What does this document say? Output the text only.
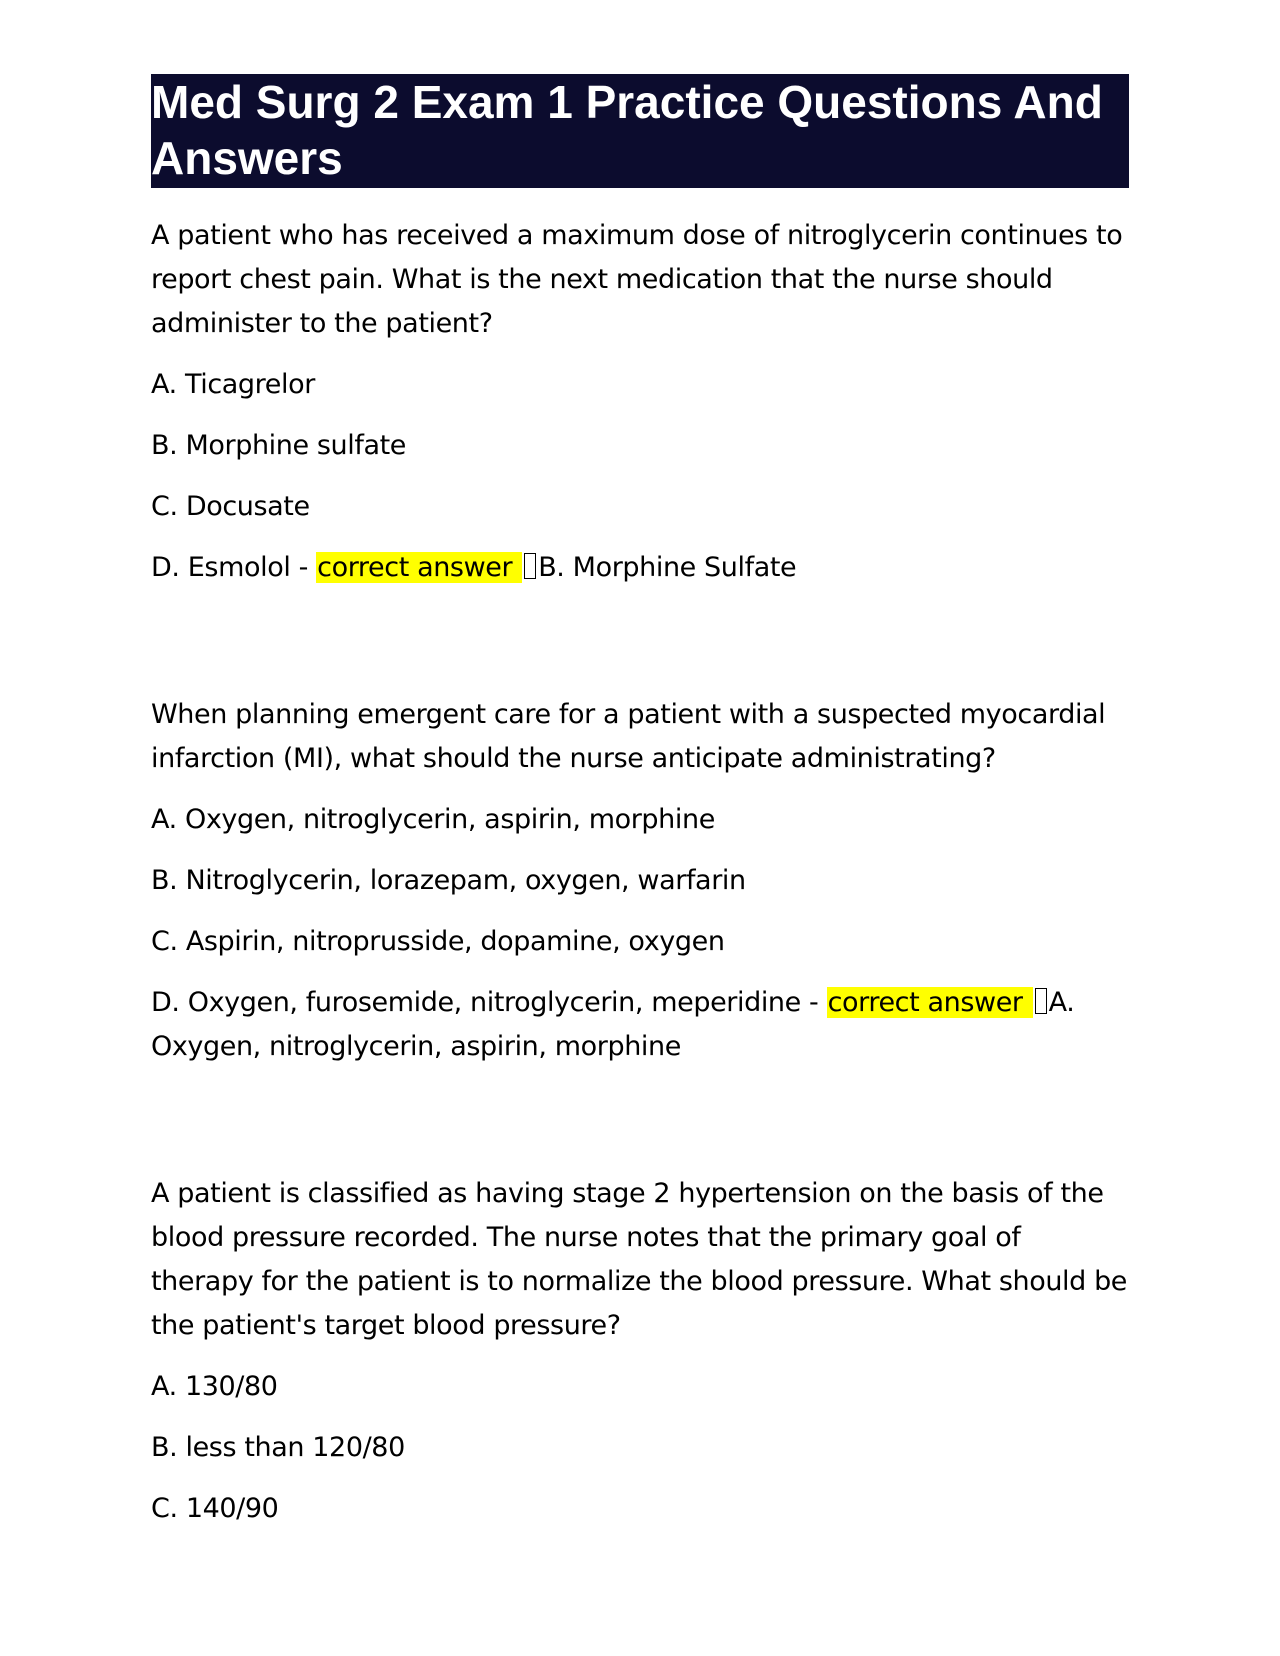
Med Surg 2 Exam 1 Practice Questions And Answers

A patient who has received a maximum dose of nitroglycerin continues to report chest pain. What is the next medication that the nurse should administer to the patient?

A. Ticagrelor

B. Morphine sulfate

C. Docusate

D. Esmolol - correct answer B. Morphine Sulfate

When planning emergent care for a patient with a suspected myocardial infarction (MI), what should the nurse anticipate administrating?

A. Oxygen, nitroglycerin, aspirin, morphine

B. Nitroglycerin, lorazepam, oxygen, warfarin

C. Aspirin, nitroprusside, dopamine, oxygen

D. Oxygen, furosemide, nitroglycerin, meperidine - correct answer A. Oxygen, nitroglycerin, aspirin, morphine

A patient is classified as having stage 2 hypertension on the basis of the blood pressure recorded. The nurse notes that the primary goal of therapy for the patient is to normalize the blood pressure. What should be the patient's target blood pressure?

A. 130/80

B. less than 120/80

C. 140/90
